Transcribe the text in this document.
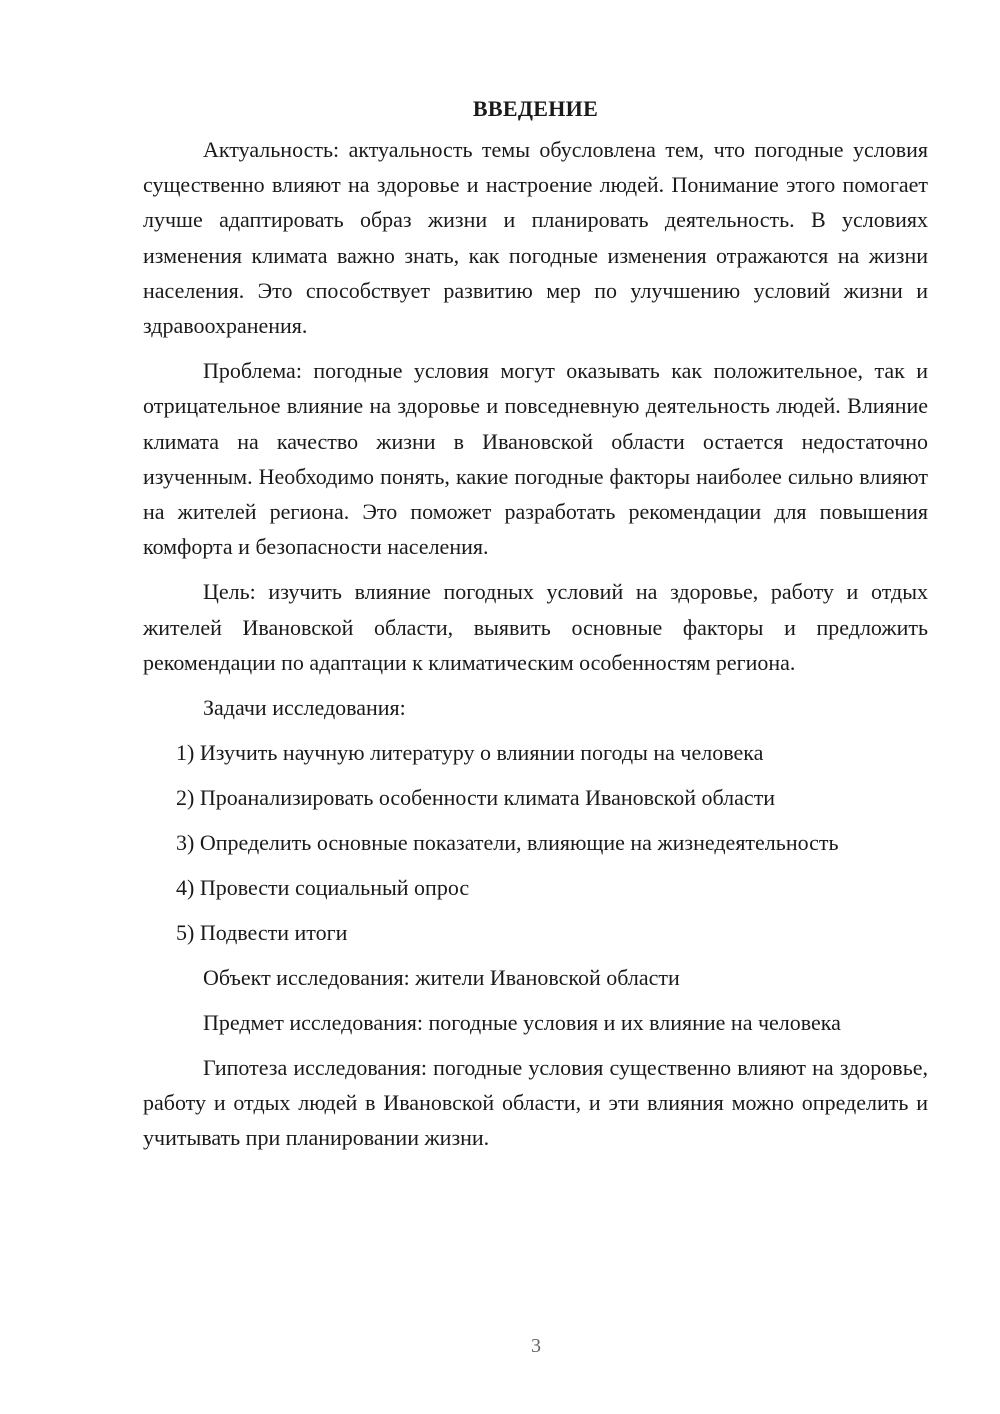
ВВЕДЕНИЕ

Актуальность: актуальность темы обусловлена тем, что погодные условия существенно влияют на здоровье и настроение людей. Понимание этого помогает лучше адаптировать образ жизни и планировать деятельность. В условиях изменения климата важно знать, как погодные изменения отражаются на жизни населения. Это способствует развитию мер по улучшению условий жизни и здравоохранения.

Проблема: погодные условия могут оказывать как положительное, так и отрицательное влияние на здоровье и повседневную деятельность людей. Влияние климата на качество жизни в Ивановской области остается недостаточно изученным. Необходимо понять, какие погодные факторы наиболее сильно влияют на жителей региона. Это поможет разработать рекомендации для повышения комфорта и безопасности населения.

Цель: изучить влияние погодных условий на здоровье, работу и отдых жителей Ивановской области, выявить основные факторы и предложить рекомендации по адаптации к климатическим особенностям региона.

Задачи исследования:

1) Изучить научную литературу о влиянии погоды на человека
2) Проанализировать особенности климата Ивановской области
3) Определить основные показатели, влияющие на жизнедеятельность
4) Провести социальный опрос
5) Подвести итоги

Объект исследования: жители Ивановской области

Предмет исследования: погодные условия и их влияние на человека

Гипотеза исследования: погодные условия существенно влияют на здоровье, работу и отдых людей в Ивановской области, и эти влияния можно определить и учитывать при планировании жизни.

3
